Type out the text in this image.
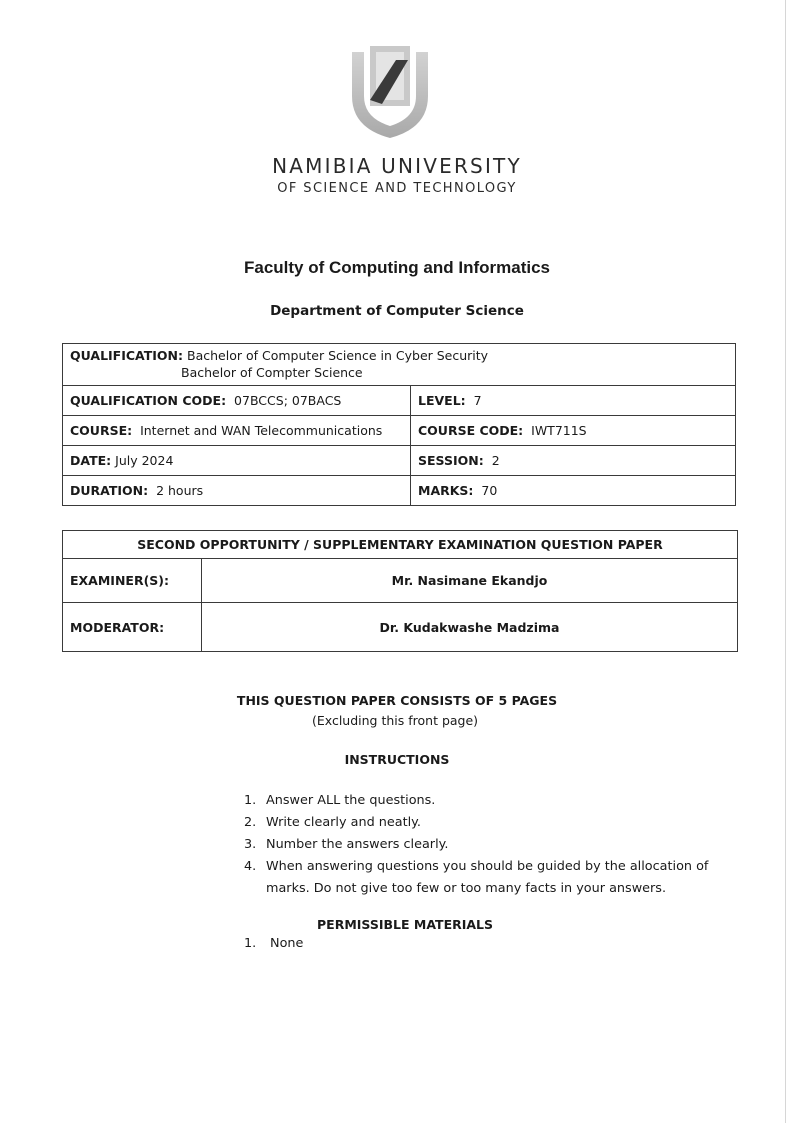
NAMIBIA UNIVERSITY
OF SCIENCE AND TECHNOLOGY
Faculty of Computing and Informatics
Department of Computer Science
QUALIFICATION: Bachelor of Computer Science in Cyber Security
Bachelor of Compter Science	

QUALIFICATION CODE: 07BCCS; 07BACS	LEVEL: 7
COURSE: Internet and WAN Telecommunications	COURSE CODE: IWT711S
DATE: July 2024	SESSION: 2
DURATION: 2 hours	MARKS: 70
SECOND OPPORTUNITY / SUPPLEMENTARY EXAMINATION QUESTION PAPER	
EXAMINER(S):	Mr. Nasimane Ekandjo
MODERATOR:	Dr. Kudakwashe Madzima
THIS QUESTION PAPER CONSISTS OF 5 PAGES
(Excluding this front page)
INSTRUCTIONS
1. Answer ALL the questions.
2. Write clearly and neatly.
3. Number the answers clearly.
4. When answering questions you should be guided by the allocation of marks. Do not give too few or too many facts in your answers.
PERMISSIBLE MATERIALS
1. None
